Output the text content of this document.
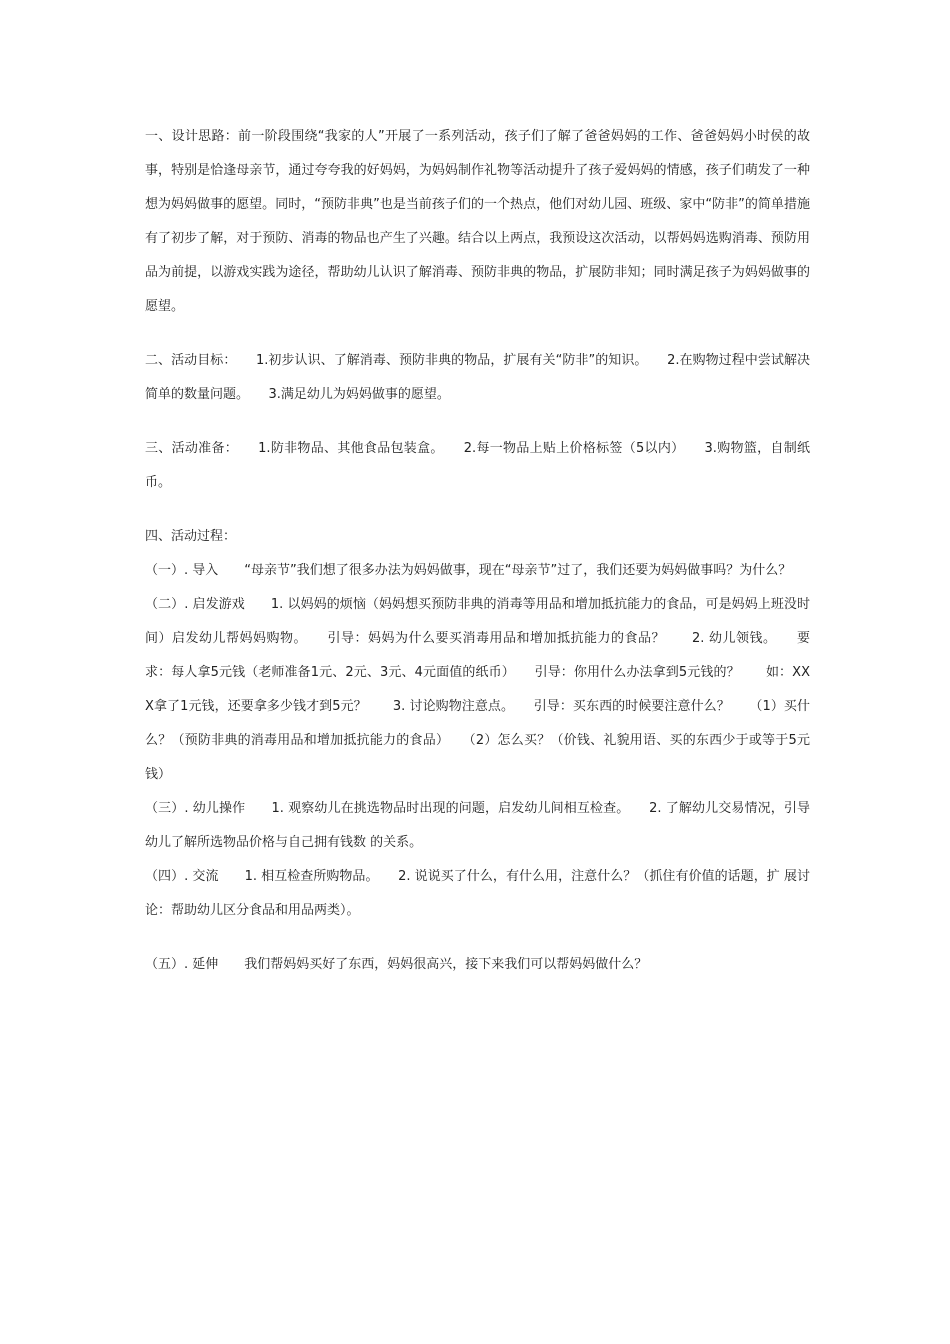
一、设计思路：前一阶段围绕“我家的人”开展了一系列活动，孩子们了解了爸爸妈妈的工作、爸爸妈妈小时侯的故事，特别是恰逢母亲节，通过夸夸我的好妈妈，为妈妈制作礼物等活动提升了孩子爱妈妈的情感，孩子们萌发了一种想为妈妈做事的愿望。同时，“预防非典”也是当前孩子们的一个热点，他们对幼儿园、班级、家中“防非”的简单措施有了初步了解，对于预防、消毒的物品也产生了兴趣。结合以上两点，我预设这次活动，以帮妈妈选购消毒、预防用品为前提，以游戏实践为途径，帮助幼儿认识了解消毒、预防非典的物品，扩展防非知；同时满足孩子为妈妈做事的愿望。

二、活动目标：　　1.初步认识、了解消毒、预防非典的物品，扩展有关“防非”的知识。　　2.在购物过程中尝试解决简单的数量问题。　　3.满足幼儿为妈妈做事的愿望。

三、活动准备：　　1.防非物品、其他食品包装盒。　　2.每一物品上贴上价格标签（5以内）　　3.购物篮，自制纸币。

四、活动过程：

（一）. 导入　　“母亲节”我们想了很多办法为妈妈做事，现在“母亲节”过了，我们还要为妈妈做事吗？为什么？

（二）. 启发游戏　　1. 以妈妈的烦恼（妈妈想买预防非典的消毒等用品和增加抵抗能力的食品，可是妈妈上班没时间）启发幼儿帮妈妈购物。　　引导：妈妈为什么要买消毒用品和增加抵抗能力的食品？　　2. 幼儿领钱。　　要求：每人拿5元钱（老师准备1元、2元、3元、4元面值的纸币）　　引导：你用什么办法拿到5元钱的？　　如：XXX拿了1元钱，还要拿多少钱才到5元？　　3. 讨论购物注意点。　　引导：买东西的时候要注意什么？　　（1）买什么？（预防非典的消毒用品和增加抵抗能力的食品）　　（2）怎么买？（价钱、礼貌用语、买的东西少于或等于5元钱）

（三）. 幼儿操作　　1. 观察幼儿在挑选物品时出现的问题，启发幼儿间相互检查。　　2. 了解幼儿交易情况，引导幼儿了解所选物品价格与自己拥有钱数 的关系。

（四）. 交流　　1. 相互检查所购物品。　　2. 说说买了什么，有什么用，注意什么？（抓住有价值的话题，扩 展讨论：帮助幼儿区分食品和用品两类）。

（五）. 延伸　　我们帮妈妈买好了东西，妈妈很高兴，接下来我们可以帮妈妈做什么？
